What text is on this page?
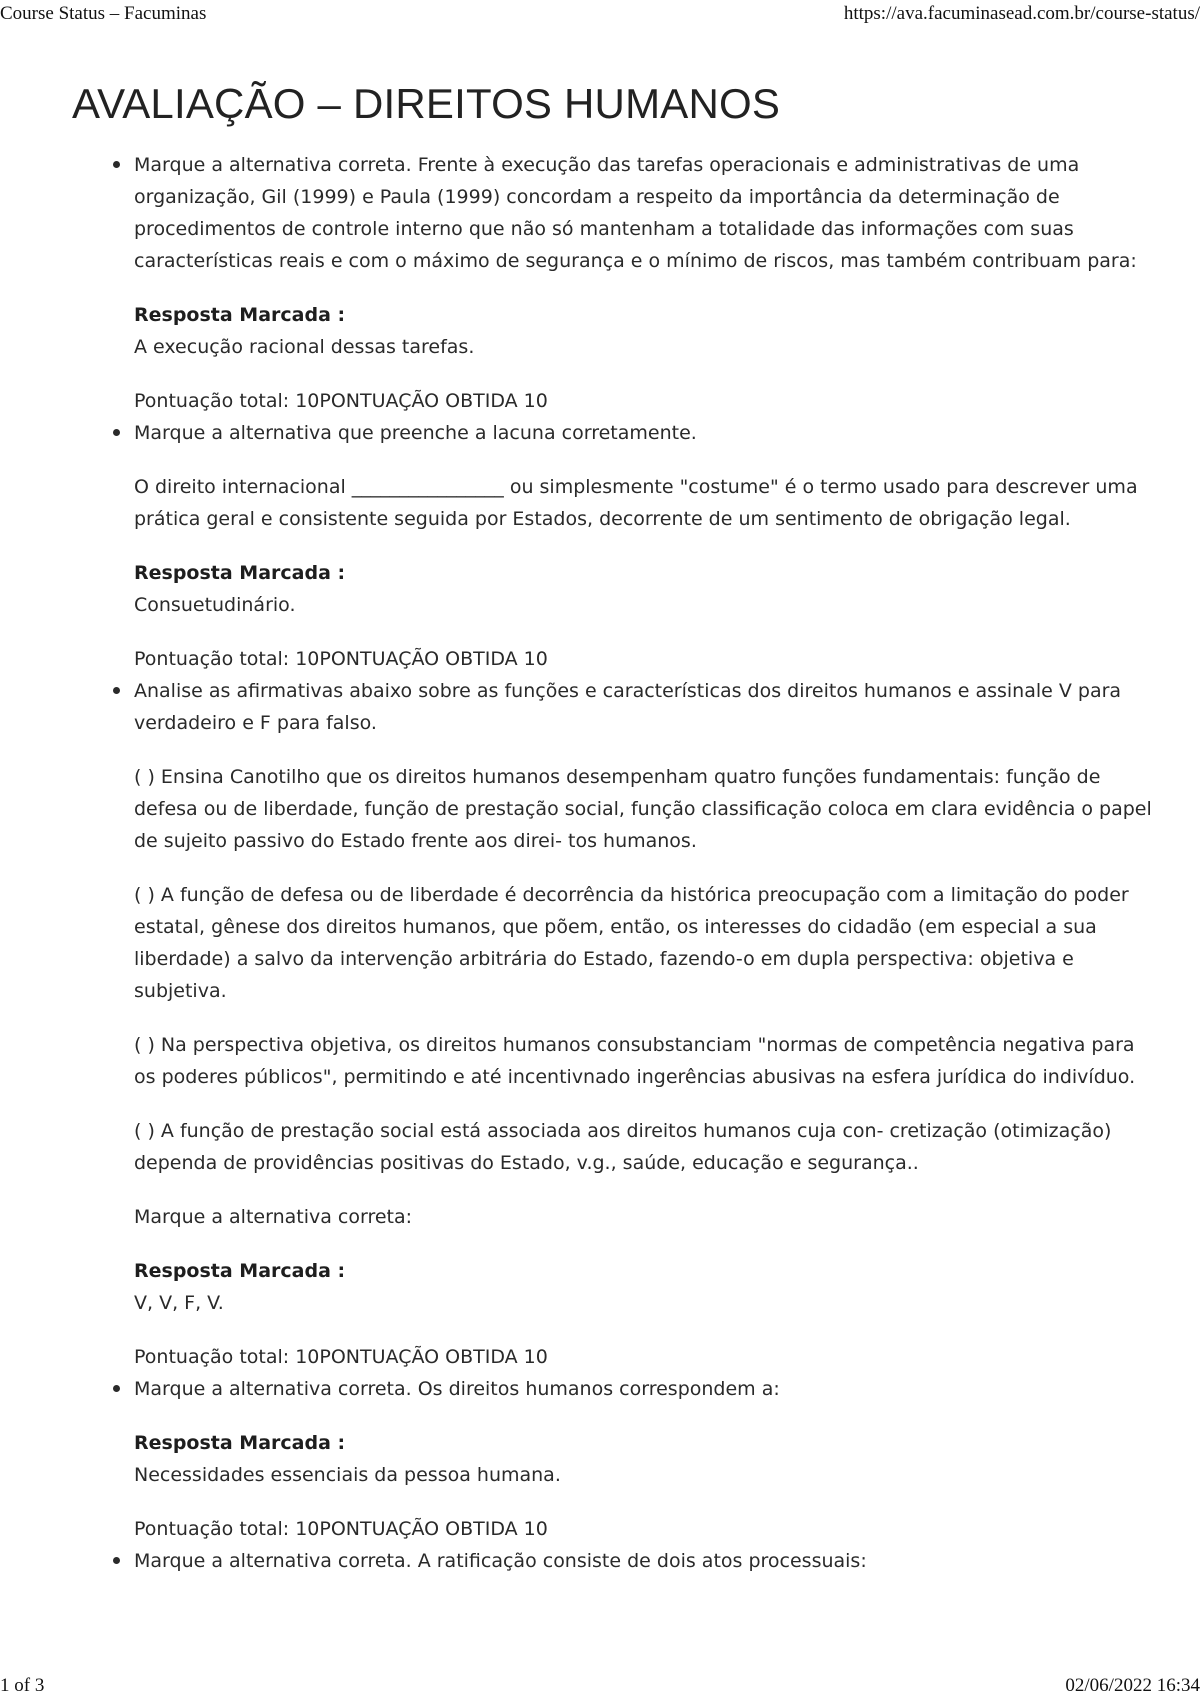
Course Status – Facuminas	https://ava.facuminasead.com.br/course-status/
AVALIAÇÃO – DIREITOS HUMANOS

Marque a alternativa correta. Frente à execução das tarefas operacionais e administrativas de uma organização, Gil (1999) e Paula (1999) concordam a respeito da importância da determinação de procedimentos de controle interno que não só mantenham a totalidade das informações com suas características reais e com o máximo de segurança e o mínimo de riscos, mas também contribuam para:

Resposta Marcada :

A execução racional dessas tarefas.

Pontuação total: 10PONTUAÇÃO OBTIDA 10

Marque a alternativa que preenche a lacuna corretamente.

O direito internacional ________________ ou simplesmente "costume" é o termo usado para descrever uma prática geral e consistente seguida por Estados, decorrente de um sentimento de obrigação legal.

Resposta Marcada :

Consuetudinário.

Pontuação total: 10PONTUAÇÃO OBTIDA 10

Analise as afirmativas abaixo sobre as funções e características dos direitos humanos e assinale V para verdadeiro e F para falso.

( ) Ensina Canotilho que os direitos humanos desempenham quatro funções fundamentais: função de defesa ou de liberdade, função de prestação social, função classificação coloca em clara evidência o papel de sujeito passivo do Estado frente aos direi- tos humanos.

( ) A função de defesa ou de liberdade é decorrência da histórica preocupação com a limitação do poder estatal, gênese dos direitos humanos, que põem, então, os interesses do cidadão (em especial a sua liberdade) a salvo da intervenção arbitrária do Estado, fazendo-o em dupla perspectiva: objetiva e subjetiva.

( ) Na perspectiva objetiva, os direitos humanos consubstanciam "normas de competência negativa para os poderes públicos", permitindo e até incentivnado ingerências abusivas na esfera jurídica do indivíduo.

( ) A função de prestação social está associada aos direitos humanos cuja con- cretização (otimização) dependa de providências positivas do Estado, v.g., saúde, educação e segurança..

Marque a alternativa correta:

Resposta Marcada :

V, V, F, V.

Pontuação total: 10PONTUAÇÃO OBTIDA 10

Marque a alternativa correta. Os direitos humanos correspondem a:

Resposta Marcada :

Necessidades essenciais da pessoa humana.

Pontuação total: 10PONTUAÇÃO OBTIDA 10

Marque a alternativa correta. A ratificação consiste de dois atos processuais:

1 of 3	02/06/2022 16:34
